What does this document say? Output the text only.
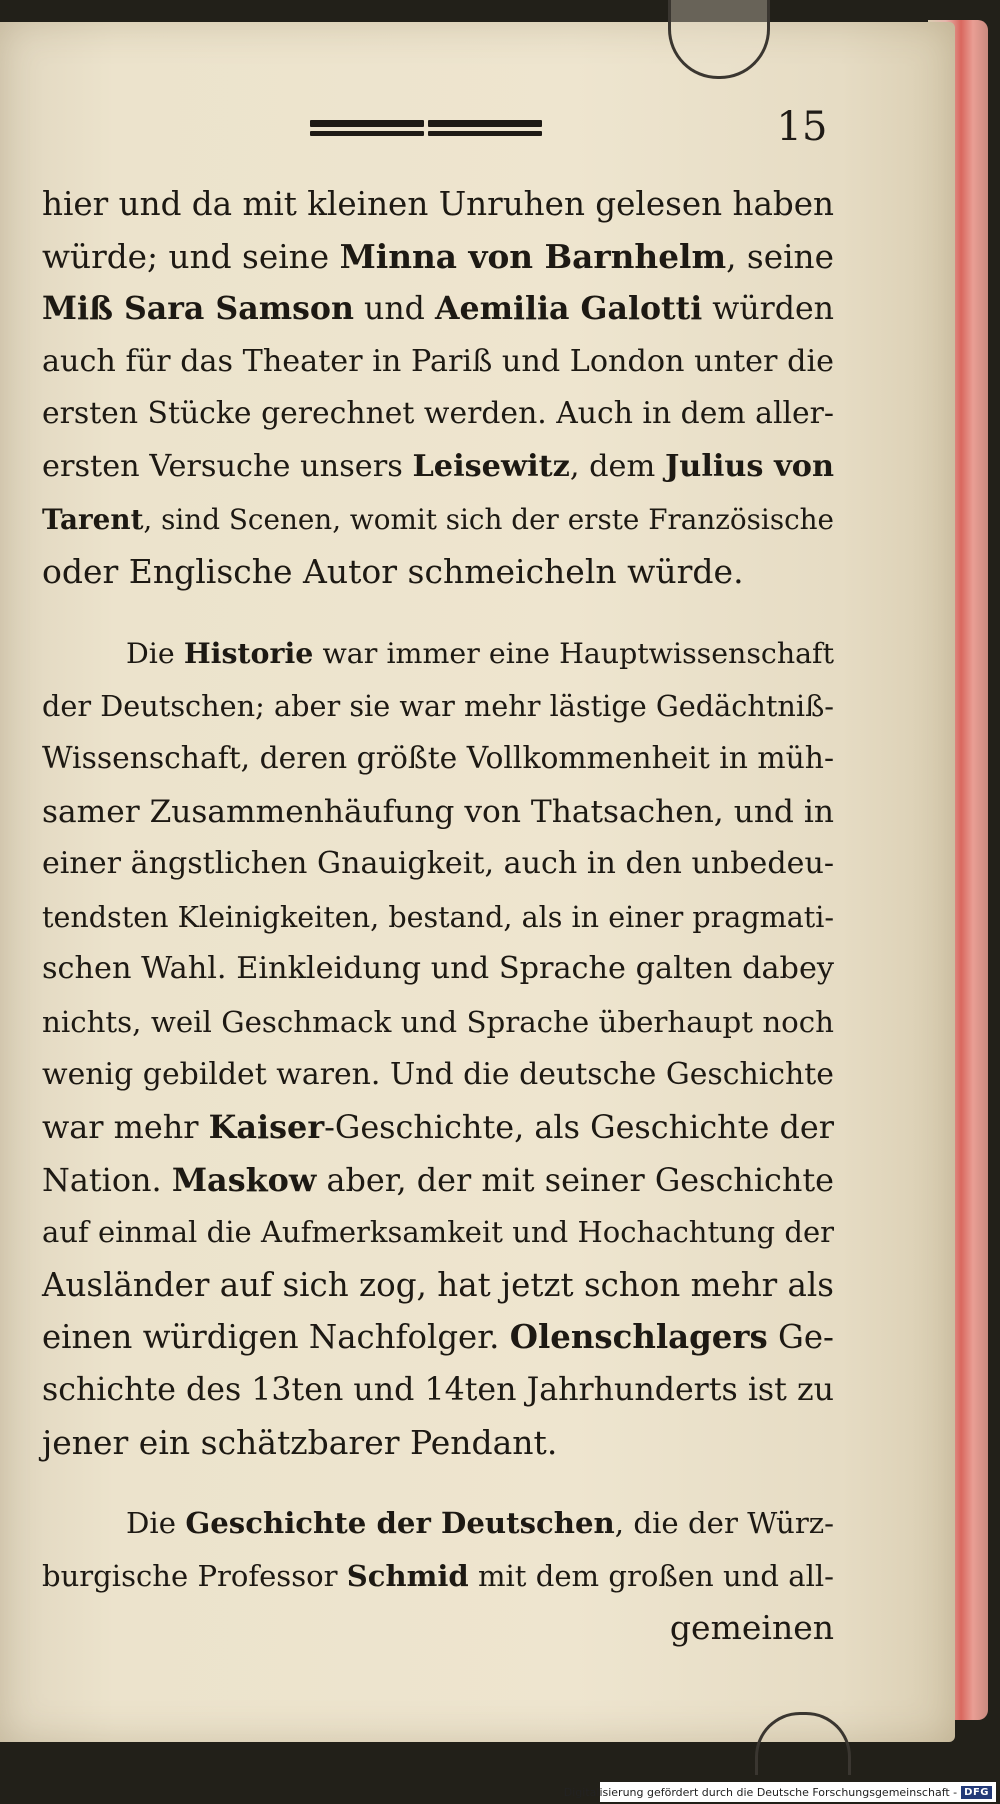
15
hier und da mit kleinen Unruhen gelesen haben
würde; und seine Minna von Barnhelm, seine
Miß Sara Samson und Aemilia Galotti würden
auch für das Theater in Pariß und London unter die
ersten Stücke gerechnet werden. Auch in dem aller-
ersten Versuche unsers Leisewitz, dem Julius von
Tarent, sind Scenen, womit sich der erste Französische
oder Englische Autor schmeicheln würde.
Die Historie war immer eine Hauptwissenschaft
der Deutschen; aber sie war mehr lästige Gedächtniß-
Wissenschaft, deren größte Vollkommenheit in müh-
samer Zusammenhäufung von Thatsachen, und in
einer ängstlichen Gnauigkeit, auch in den unbedeu-
tendsten Kleinigkeiten, bestand, als in einer pragmati-
schen Wahl. Einkleidung und Sprache galten dabey
nichts, weil Geschmack und Sprache überhaupt noch
wenig gebildet waren. Und die deutsche Geschichte
war mehr Kaiser-Geschichte, als Geschichte der
Nation. Maskow aber, der mit seiner Geschichte
auf einmal die Aufmerksamkeit und Hochachtung der
Ausländer auf sich zog, hat jetzt schon mehr als
einen würdigen Nachfolger. Olenschlagers Ge-
schichte des 13ten und 14ten Jahrhunderts ist zu
jener ein schätzbarer Pendant.
Die Geschichte der Deutschen, die der Würz-
burgische Professor Schmid mit dem großen und all-
gemeinen
Digitalisierung gefördert durch die Deutsche Forschungsgemeinschaft - DFG
